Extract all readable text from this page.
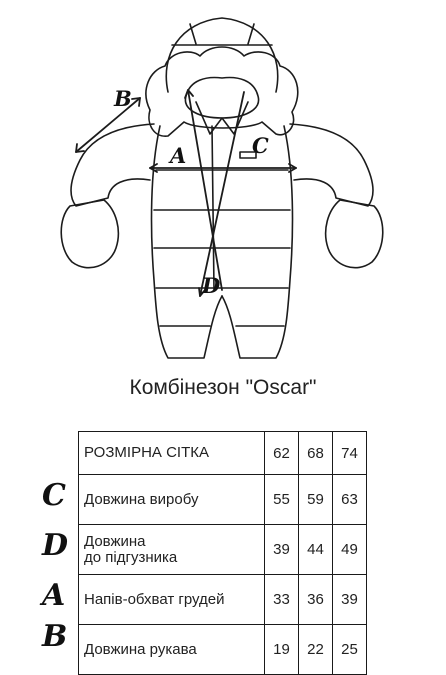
B
A	C
D
Комбінезон "Oscar"
C
D
A
B
РОЗМІРНА СІТКА	62	68	74
Довжина виробу	55	59	63
Довжина
до підгузника	39	44	49
Напів-обхват грудей	33	36	39
Довжина рукава	19	22	25
